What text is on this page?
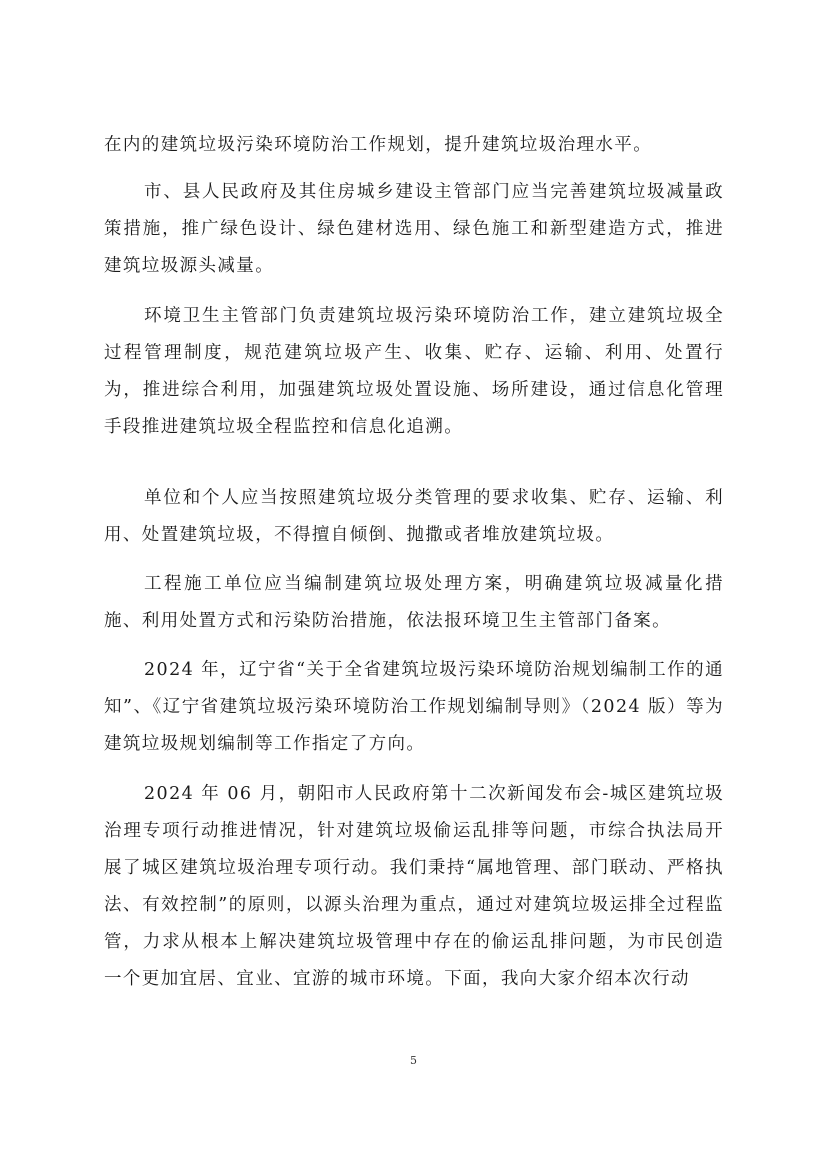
在内的建筑垃圾污染环境防治工作规划，提升建筑垃圾治理水平。

市、县人民政府及其住房城乡建设主管部门应当完善建筑垃圾减量政策措施，推广绿色设计、绿色建材选用、绿色施工和新型建造方式，推进建筑垃圾源头减量。

环境卫生主管部门负责建筑垃圾污染环境防治工作，建立建筑垃圾全过程管理制度，规范建筑垃圾产生、收集、贮存、运输、利用、处置行为，推进综合利用，加强建筑垃圾处置设施、场所建设，通过信息化管理手段推进建筑垃圾全程监控和信息化追溯。

单位和个人应当按照建筑垃圾分类管理的要求收集、贮存、运输、利用、处置建筑垃圾，不得擅自倾倒、抛撒或者堆放建筑垃圾。

工程施工单位应当编制建筑垃圾处理方案，明确建筑垃圾减量化措施、利用处置方式和污染防治措施，依法报环境卫生主管部门备案。

2024 年，辽宁省“关于全省建筑垃圾污染环境防治规划编制工作的通知”、《辽宁省建筑垃圾污染环境防治工作规划编制导则》（2024 版）等为建筑垃圾规划编制等工作指定了方向。

2024 年 06 月，朝阳市人民政府第十二次新闻发布会-城区建筑垃圾治理专项行动推进情况，针对建筑垃圾偷运乱排等问题，市综合执法局开展了城区建筑垃圾治理专项行动。我们秉持“属地管理、部门联动、严格执法、有效控制”的原则，以源头治理为重点，通过对建筑垃圾运排全过程监管，力求从根本上解决建筑垃圾管理中存在的偷运乱排问题，为市民创造一个更加宜居、宜业、宜游的城市环境。下面，我向大家介绍本次行动

5
